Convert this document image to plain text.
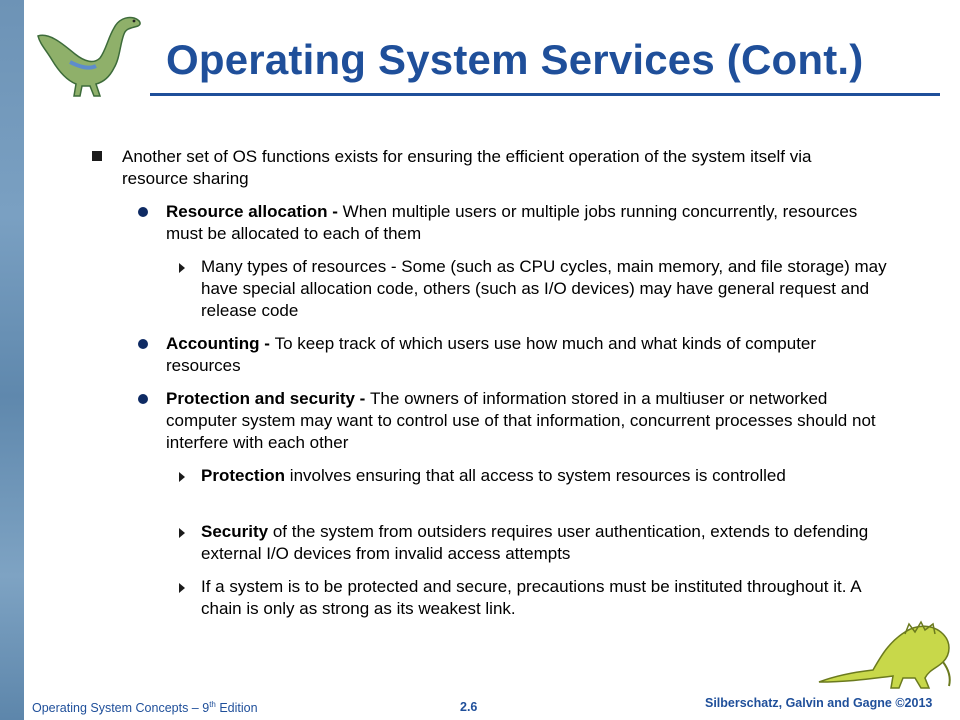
Operating System Services (Cont.)
Another set of OS functions exists for ensuring the efficient operation of the system itself via resource sharing
Resource allocation - When multiple users or multiple jobs running concurrently, resources must be allocated to each of them
Many types of resources - Some (such as CPU cycles, main memory, and file storage) may have special allocation code, others (such as I/O devices) may have general request and release code
Accounting - To keep track of which users use how much and what kinds of computer resources
Protection and security - The owners of information stored in a multiuser or networked computer system may want to control use of that information, concurrent processes should not interfere with each other
Protection involves ensuring that all access to system resources is controlled
Security of the system from outsiders requires user authentication, extends to defending external I/O devices from invalid access attempts
If a system is to be protected and secure, precautions must be instituted throughout it. A chain is only as strong as its weakest link.
Operating System Concepts – 9th Edition	2.6	Silberschatz, Galvin and Gagne ©2013
